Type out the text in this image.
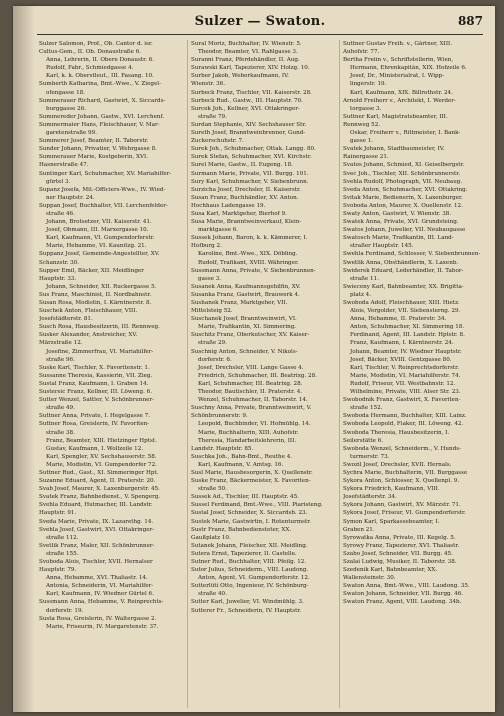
Sulzer — Swaton.	887
Sulzer Salomon, Prof., Ob. Cantor d. isr.
Cultus-Gem., II. Ob. Donaustraße 6.
Anna, Lehrerin, II. Obere Donaustr. 6.
Rudolf, Fabr., Schmiedgasse 4.
Karl, k. k. Oberstleut., III. Fasang. 10.
Sumberth Katharina, Bmt.-Wwe., V. Ziegel-
ofengasse 18.
Summerauer Richard, Gastwirt, X. Siccards-
burggasse 26.
Summereder Johann, Gastw., XVI. Lerchenf.
Summermaier Hans, Fleischhauer, V. Mar-
garetenstraße 99.
Summerer Josef, Beamter, II. Taborstr.
Sunder Johann, Privatier, V. Wehrgasse 8.
Summerauer Marie, Kostgeberin, XVI.
Hasnerstraße 47.
Suntinger Karl, Schuhmacher, XV. Mariahilfer-
gürtel 3.
Supanz Josefa, Mil.-Officiers-Wwe., IV. Wied-
ner Hauptstr. 24.
Suppan Josef, Buchhalter, VII. Lerchenfelder-
straße 46.
Johann, Brotsetzer, VII. Kaiserstr. 41.
Josef, Obmann, III. Marxergasse 10.
Karl, Kaufmann, VI. Gumpendorferstr.
Marie, Hebamme, VI. Kaunitzg. 21.
Suppanz Josef, Gemeinde-Angestellter, XV.
Schanzstr. 30.
Supper Emil, Bäcker, XII. Meidlinger
Hauptstr. 33.
Johann, Schneider, XII. Ruckergasse 5.
Sus Franz, Maschinist, II. Nordbahnstr.
Susan Rosa, Modistin, I. Kärntnerstr. 8.
Suschek Anton, Fleischhauer, VIII.
Josefstädterstr. 81.
Susch Rosa, Hausbesitzerin, III. Rennweg.
Susker Alexander, Anstreicher, XV.
Märzstraße 12.
Josefine, Zimmerfrau, VI. Mariahilfer-
straße 96.
Suske Karl, Tischler, X. Favoritenstr. 1.
Sussanne Theresia, Kassierin, VII. Zieg.
Sustal Franz, Kaufmann, I. Graben 14.
Sustersic Franz, Kellner, III. Löweng. 6.
Sutter Wenzel, Sattler, V. Schönbrunner-
straße 49.
Suttner Anna, Private, I. Hegelgasse 7.
Suttner Rosa, Greislerin, IV. Favoriten-
straße 38.
Franz, Beamter, XIII. Hietzinger Hptst.
Gustav, Kaufmann, I. Wollzeile 12.
Karl, Spengler, XV. Sechshauserstr. 58.
Marie, Modistin, VI. Gumpendorfer 72.
Suttner Rud., Gast., XI. Simmeringer Hpt.
Suzanne Eduard, Agent, II. Praterstr. 20.
Svab Josef, Maurer, X. Laxenburgerstr. 45.
Svatek Franz, Bahnbedienst., V. Spengerg.
Svehla Eduard, Hutmacher, III. Landstr.
Hauptstr. 91.
Sveda Marie, Private, IX. Lazarethg. 14.
Svehla Josef, Gastwirt, XVI. Ottakringer-
straße 112.
Svetlik Franz, Maler, XII. Schönbrunner-
straße 155.
Svoboda Alois, Tischler, XVII. Hernalser
Hauptstr. 79.
Anna, Hebamme, XVI. Thaliastr. 14.
Antonia, Schneiderin, VI. Mariahilfer-
Karl, Kaufmann, IV. Wiedner Gürtel 6.
Sussmann Anna, Hebamme, V. Reinprechts-
dorferstr. 19.
Susta Rosa, Greislerin, IV. Waltergasse 2.
Marie, Friseurin, IV. Margaretenstr. 37.
Sural Moriz, Buchhalter, IV. Wienstr. 5.
Theodor, Beamter, VI. Rahlgasse 3.
Suranni Franz, Pferdehändler, II. Aug.
Surawski Karl, Tapezierer, XIV. Holzg. 10.
Surber Jakob, Weberkaufmann, IV.
Wienstr. 36.
Surbeck Franz, Tischler, VII. Kaiserstr. 28.
Surbeck Rud., Gastw., III. Hauptstr. 70.
Surcek Joh., Kellner, XVI. Ottakringer-
straße 79.
Surdan Stephanie, XIV. Sechshauser Str.
Sureth Josef, Branntweinbrenner, Gund-
Zuckerschuhstr. 7.
Surek Joh., Schuhmacher, Ottak. Langg. 80.
Surek Stefan, Schuhmacher, XVI. Kirchstr.
Surel Marie, Gastw., II. Eugeng. 18.
Surmann Marie, Private, VII. Burgg. 101.
Sury Karl, Schuhmacher, V. Siebenbrunn.
Surzicha Josef, Drechsler, II. Kaiserstr.
Susan Franz, Buchhändler, XV. Anton.
Hochhaus Ladengasse 19.
Susa Karl, Marktgeher, Bierhof 9.
Susa Marie, Branntweinverkauf, Klein-
marktgasse 6.
Sussek Johann, Baron, k. k. Kämmerer, I.
Hofburg 2.
Karoline, Bmt.-Wwe., XIX. Döbling.
Rudolf, Trafikant, XVIII. Währinger.
Sussmann Anna, Private, V. Siebenbrunnen-
gasse 3.
Susanek Anna, Kaufmannsgehilfin, XV.
Susanka Franz, Gastwirt, Brauwerk 4.
Sushanek Franz, Marktgeher, VII.
Mittelsteig 52.
Suschanek Josef, Branntweinwirt, VI.
Marie, Trafikantin, XI. Simmering.
Suschitz Franz, Oberkutscher, XV. Kaiser-
straße 29.
Suschnig Anton, Schneider, V. Nikols-
dorferstr. 6.
Josef, Drechsler, VIII. Lange Gasse 4.
Friedrich, Schuhmacher, III. Beatrixg. 28.
Karl, Schuhmacher, III. Beatrixg. 28.
Theodor, Bautischler, II. Praterstr. 4.
Wenzel, Schuhmacher, II. Taborstr. 14.
Suschny Anna, Private, Branntweinwirt, V.
Schönbrunnerstr. 9.
Leopold, Buchbinder, VI. Hofmühlg. 14.
Marie, Buchhalterin, XIII. Auhofstr.
Theresia, Handarbeitslehrerin, III.
Landstr. Hauptstr. 85.
Suschka Joh., Bahn-Bmt., Reuthe 4.
Karl, Kaufmann, V. Amtsg. 16.
Susl Marie, Hausbesorgerin, X. Quellenstr.
Suske Franz, Bäckermeister, X. Favoriten-
straße 50.
Sussek Ad., Tischler, III. Hauptstr. 45.
Sussel Ferdinand, Bmt.-Wwe., VIII. Piaristeng.
Sustal Josef, Schneider, X. Siccardsb. 23.
Sustek Marie, Gastwirtin, I. Rotenturmstr.
Sustr Franz, Bahnbediensteter, XX.
Gaußplatz 10.
Sutanek Johann, Fleischer, XII. Meidling.
Sutera Ernst, Tapezierer, II. Castelle.
Sutner Rud., Buchhalter, VIII. Pfeilg. 12.
Sutor Julius, Schneiderm., VIII. Laudong.
Anton, Agent, VI. Gumpendorferstr. 12.
Sutterlüti Otto, Ingenieur, IV. Schönburg-
straße 40.
Sutter Karl, Juwelier, VI. Windmühlg. 3.
Sutterer Fr., Schneiderin, IV. Hauptstr.
Suttner Gustav Freih. v., Gärtner, XIII.
Auhofstr. 77.
Bertha Freiin v., Schriftstellerin, Wien,
Hermann, Ehrenkapitän, XIX. Hofzeile 6.
Josef, Dr., Ministerialrat, I. Wipp-
lingerstr. 19.
Karl, Kaufmann, XIX. Billrothstr. 24.
Arnold Freiherr v., Architekt, I. Werder-
torgasse 3.
Suttner Karl, Magistratsbeamter, III.
Rennweg 52.
Oskar, Freiherr v., Rittmeister, I. Bank-
gasse 1.
Svatek Johann, Stadtbaumeister, IV.
Rainergasse 21.
Svatos Johann, Schmied, XI. Geiselbergstr.
Svec Joh., Tischler, XII. Schönbrunnerstr.
Svehla Rudolf, Photograph, VII. Neubaug.
Sveda Anton, Schuhmacher, XVI. Ottakring.
Svitak Marie, Bedienerin, X. Laxenburger.
Svoboda Anton, Maurer, X. Ouellenstr. 12.
Swaty Anton, Gastwirt, V. Wienstr. 38.
Swatek Anna, Private, XVI. Grundsteing.
Swatos Johann, Juwelier, VII. Neubaugasse
Swatosch Marie, Trafikantin, III. Land-
straßer Hauptstr. 145.
Swehla Ferdinand, Schlosser, V. Siebenbrunnen-
Swetlik Anna, Obsthändlerin, X. Laxenb.
Swiderek Eduard, Lederhändler, II. Tabor-
straße 11.
Swieceny Karl, Bahnbeamter, XX. Brigitta-
platz 4.
Swoboda Adolf, Fleischhauer, XIII. Hietz.
Alois, Vergolder, VII. Siebensterng. 29.
Anna, Hebamme, II. Praterstr. 34.
Anton, Schuhmacher, XI. Simmering 18.
Ferdinand, Agent, III. Landstr. Hptstr. 8.
Franz, Kaufmann, I. Kärntnerstr. 24.
Johann, Beamter, IV. Wiedner Hauptstr.
Josef, Bäcker, XVIII. Gentzgasse 80.
Karl, Tischler, V. Reinprechtsdorferstr.
Marie, Modistin, VI. Mariahilferstr. 74.
Rudolf, Friseur, VII. Westbahnstr. 12.
Wilhelmine, Private, VIII. Alser Str. 23.
Swobodnik Franz, Gastwirt, X. Favoriten-
straße 152.
Swoboda Hermann, Buchhalter, XIII. Lainz.
Swoboda Leopold, Fiaker, III. Löweng. 42.
Swoboda Theresia, Hausbesitzerin, I.
Seilerstätte 6.
Swoboda Wenzel, Schneiderm., V. Hunds-
turmerstr. 73.
Swozil Josef, Drechsler, XVII. Hernals.
Sychra Marie, Buchhalterin, VII. Burggasse
Sykora Anton, Schlosser, X. Quellenpl. 9.
Sykora Friedrich, Kaufmann, VIII.
Josefstädterstr. 34.
Sykora Johann, Gastwirt, XV. Märzstr. 71.
Sykora Josef, Friseur, VI. Gumpendorferstr.
Symon Karl, Sparkassebeamter, I.
Graben 21.
Syrowatka Anna, Private, III. Kegelg. 5.
Syrowy Franz, Tapezierer, XVI. Thaliastr.
Szabo Josef, Schneider, VII. Burgg. 45.
Szalai Ludwig, Musiker, II. Taborstr. 38.
Szedenik Karl, Bahnbeamter, XX.
Wallensteinstr. 30.
Swaton Anna, Bmt.-Wwe., VIII. Laudong. 35.
Swaton Johann, Schneider, VII. Burgg. 46.
Swaton Franz, Agent, VIII. Laudong. 34b.
